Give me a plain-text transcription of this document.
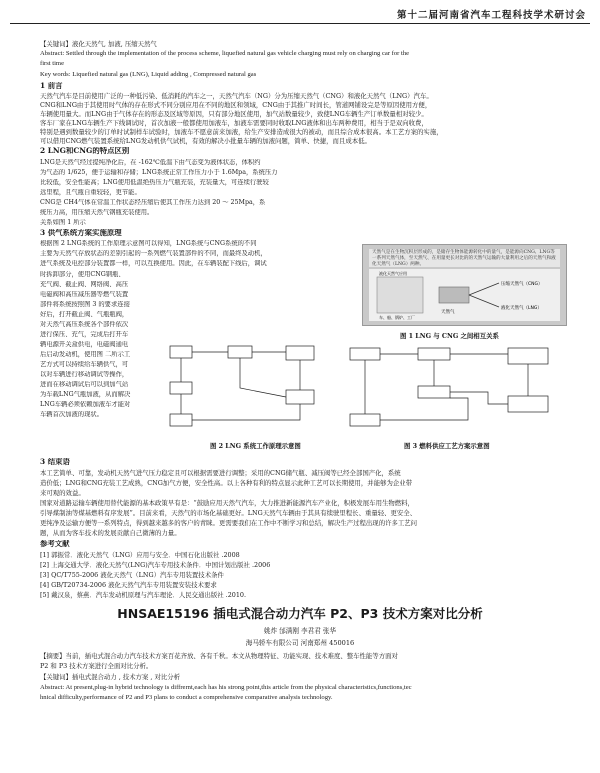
第十二届河南省汽车工程科技学术研讨会
【关键词】液化天然气, 加液, 压缩天然气
Abstract: Settled through the implementation of the process scheme, liquefied natural gas vehicle charging must rely on charging car for the
first time
Key words: Liquefied natural gas (LNG), Liquid adding , Compressed natural gas
1 前言
天然气汽车是目前使用广泛的一种低污染、低消耗的汽车之一，天然气汽车（NG）分为压缩天然气（CNG）和液化天然气（LNG）汽车。
CNG和LNG由于其使用时气体的存在形式不同分别应用在不同的地区和领域，CNG由于其推广时间长，管道网铺设完是等原因使用方便，
车辆使用量大。而LNG由于气体存在的形态及区域等原因，只有部分地区使用，加气站数量较少，致使LNG车辆生产订单数量相对较少。
客车厂家在LNG车辆生产下线调试时，首次加液一般都使用加液车，加液车需要同时收取LNG液体和出车两种费用，相当于是双向收费，
特别是遇到数量较少的订单时试制样车试验时，加液车不愿意前来加液，给生产安排造成很大的被动，而且综合成本很高。本工艺方案的实施，
可以借用CNG燃气装置系统给LNG发动机供气试机，有效的解决小批量车辆的加液问题，简单、快捷，而且成本低。
2 LNG和CNG的特点区别
LNG是天然气经过提纯净化后，在 -162℃低温下由气态变为液体状态，体积约
为气态的 1/625，便于运输和存储；LNG系统正常工作压力小于 1.6Mpa，系统压力
比较低，安全性能高；LNG使用低温绝热压力气瓶充装，充装量大，可连续行驶较
远里程，且气瓶自重较轻，更节能。
CNG是 CH4气体在常温工作状态经压缩后使其工作压力达到 20 ～ 25Mpa，系
统压力高，用压缩天然气钢瓶充装使用。
关系如图 1 所示
3 供气系统方案实施原理
根据图 2 LNG系统的工作原理示意图可以得知，LNG系统与CNG系统的不同
主要为天然气存放状态的差别引起的一系列燃气装置部件的不同，而最终及动机，
进气系统及电控部分装置都一样，可以互换使用。因此，在车辆装配下线后，调试
时拆卸部分，使用CNG钢瓶、
充气阀、截止阀、网络阀、高压
电磁阀和高压减压器等燃气装置
部件将系统按照图 3 的要求连接
好后，打开截止阀、气瓶瓶阀，
对天然气高压系统各个部件依次
进行保压、充气，完成后打开车
辆电源开关盒供电，电磁阀通电
后启动发动机，使用图 二所示工
艺方式可以持续给车辆供气，可
以对车辆进行移动调试等操作，
进而在移动调试后可以到加气站
为车载LNG气瓶加液，从而解决
LNG车辆必须依赖加液车才能对
车辆首次加液的现状。
天然气是在生物沉积层形成的，是储存生物体能源转化中的量气，是能源向CNG、LNG等一系列天然气体，至天然气、在用量更长对比的的天然气运输的大量利用之后的天然气和液化天然气（LNG）两种。
天然气
压缩天然气（CNG）
液化天然气（LNG）
车、船、锅炉、工厂
液化天然气应用
图 1 LNG 与 CNG 之间相互关系
图 2 LNG 系统工作原理示意图	图 3 燃料供应工艺方案示意图
3 结束语
本工艺简单、可靠，发动机天然气进气压力稳定且可以根据需要进行调整；采用的CNG储气瓶、减压阀等已经全部国产化，系统
造价低；LNG和CNG充装工艺成熟，CNG加气方便，安全性高。以上各种有利的特点显示此种工艺可以长期使用，并能够为企业带
来可观的效益。
国家对道路运输车辆使用替代能源的基本政策早有是：“鼓励应用天然气汽车，大力推进新能源汽车产业化，积极发展车用生物燃料，
引导煤制油等煤基燃料有序发展”。目前来看，天然气的市场化基础更好。LNG天然气车辆由于其具有续驶里程长、重量轻、更安全、
更纯净及运输方便等一系列特点，得到越来越多的客户的青睐。更需要我们在工作中不断学习和总结，解决生产过程出现的许多工艺问
题，从而为客车技术的发展贡献自己微薄的力量。
参考文献
[1] 郭振常．液化天然气（LNG）应用与安全．中国石化出版社 .2008
[2] 上海交通大学．液化天然气(LNG)汽车专用技术条件．中国计划出版社 .2006
[3] QC/T755-2006 液化天然气（LNG）汽车专用装置技术条件
[4] GB/T20734-2006 液化天然气汽车专用装置安装技术要求
[5] 戴汉泉，蔡燕．汽车发动机原理与汽车理论．人民交通出版社 .2010.
HNSAE15196 插电式混合动力汽车 P2、P3 技术方案对比分析
姚炸 邰满刚 李君君 张华
海马轿车有限公司 河南郑州 450016
【摘要】当前，插电式混合动力汽车技术方案百花齐放、各有千秋。本文从物理特征、功能实现、技术难度、整车性能等方面对
P2 和 P3 技术方案进行全面对比分析。
【关键词】插电式混合动力 , 技术方案 , 对比分析
Abstract: At present,plug-in hybrid technology is diffrernt,each has his strong point,this article from the physical characteristics,functions,tec
hnical difficulty,performance of P2 and P3 plans to conduct a comprehensive comparative analysis technology.
